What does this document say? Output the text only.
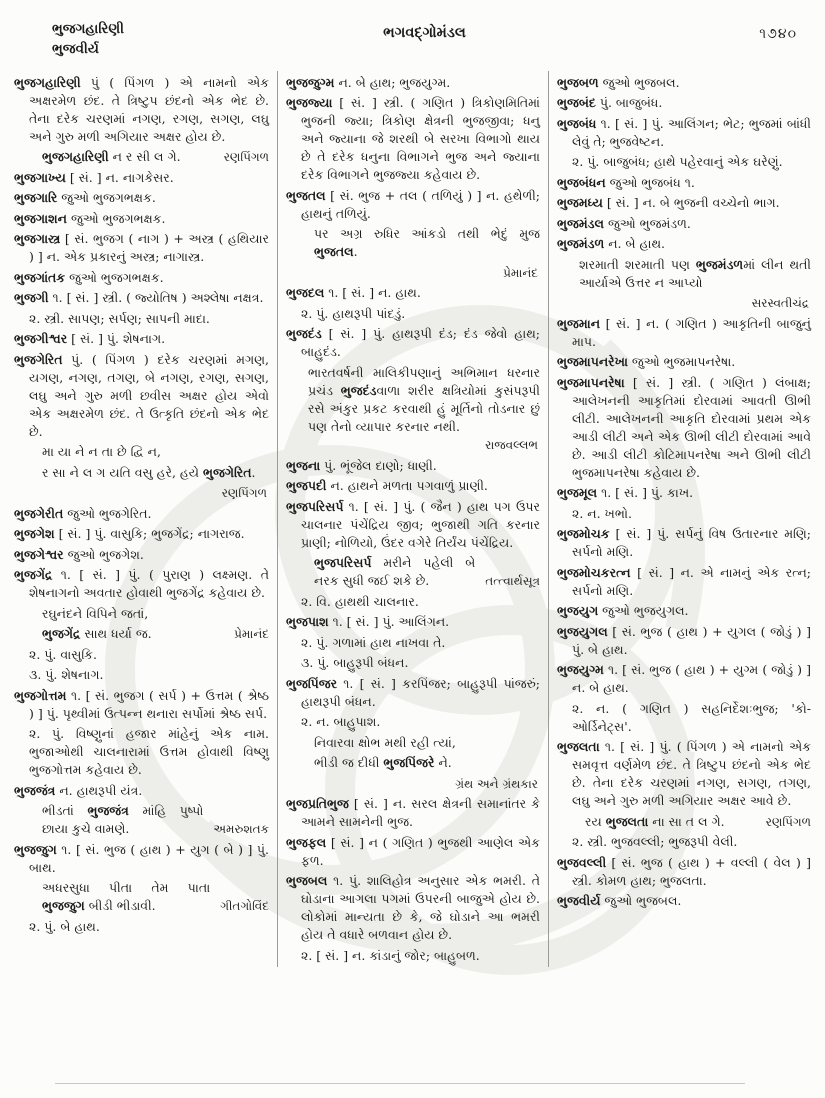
ભુજગહારિણી
ભુજવીર્ય
ભગવદ્ગોમંડલ	૧૭૪૦
ભુજગહારિણી પું ( પિંગળ ) એ નામનો એક અક્ષરમેળ છંદ. તે ત્રિષ્ટુપ છંદનો એક ભેદ છે. તેના દરેક ચરણમાં નગણ, રગણ, સગણ, લઘુ અને ગુરુ મળી અગિયાર અક્ષર હોય છે.
ભુજગહારિણી ન ર સી લ ગે.	રણપિંગળ
ભુજગાખ્ય [ સં. ] ન. નાગકેસર.
ભુજગારિ જુઓ ભુજગભક્ષક.
ભુજગાશન જુઓ ભુજગભક્ષક.
ભુજગાસ્ત્ર [ સં. ભુજગ ( નાગ ) + અસ્ત્ર ( હથિયાર ) ] ન. એક પ્રકારનું અસ્ત્ર; નાગાસ્ત્ર.
ભુજગાંતક જુઓ ભુજગભક્ષક.
ભુજગી ૧. [ સં. ] સ્ત્રી. ( જ્યોતિષ ) અશ્લેષા નક્ષત્ર.
૨. સ્ત્રી. સાપણ; સર્પણ; સાપની માદા.
ભુજગીશ્વર [ સં. ] પું. શેષનાગ.
ભુજગેરિત પું. ( પિંગળ ) દરેક ચરણમાં મગણ, યગણ, નગણ, તગણ, બે નગણ, રગણ, સગણ, લઘુ અને ગુરુ મળી છવીસ અક્ષર હોય એવો એક અક્ષરમેળ છંદ. તે ઉત્કૃતિ છંદનો એક ભેદ છે.
મા યા ને ન તા છે દ્વિ ન,
ર સા ને લ ગ યતિ વસુ હરે, હયે ભુજગેરિત.
રણપિંગળ
ભુજગેરીત જુઓ ભુજગેરિત.
ભુજગેશ [ સં. ] પું. વાસુકિ; ભુજગેંદ્ર; નાગરાજ.
ભુજગેશ્વર જુઓ ભુજગેશ.
ભુજગેંદ્ર ૧. [ સં. ] પું. ( પુરાણ ) લક્ષ્મણ. તે શેષનાગનો અવતાર હોવાથી ભુજગેંદ્ર કહેવાય છે.
રઘુનંદને વિપિને જતાં,
ભુજગેંદ્ર સાથ ધર્યા જ.	પ્રેમાનંદ
૨. પું. વાસુકિ.
૩. પું. શેષનાગ.
ભુજગોત્તમ ૧. [ સં. ભુજગ ( સર્પ ) + ઉત્તમ ( શ્રેષ્ઠ ) ] પું. પૃથ્વીમાં ઉત્પન્ન થનારા સર્પોમાં શ્રેષ્ઠ સર્પ.
૨. પું. વિષ્ણુનાં હજાર માંહેનું એક નામ. ભુજાઓથી ચાલનારામાં ઉત્તમ હોવાથી વિષ્ણુ ભુજગોત્તમ કહેવાય છે.
ભુજજંત્ર ન. હાથરૂપી યંત્ર.
ભીડતાં ભુજજંત્ર માંહિ પુષ્પો છાયા કુચે વામણે.	અમરુશતક
ભુજજુગ ૧. [ સં. ભુજ ( હાથ ) + યુગ ( બે ) ] પું. બાથ.
અધરસુધા પીતા તેમ પાતા ભુજજુગ બીડી ભીડાવી.	ગીતગોવિંદ
૨. પું. બે હાથ.
ભુજજુગ્મ ન. બે હાથ; ભુજયુગ્મ.
ભુજજ્યા [ સં. ] સ્ત્રી. ( ગણિત ) ત્રિકોણમિતિમાં ભુજની જ્યા; ત્રિકોણ ક્ષેત્રની ભુજજીવા; ધનુ અને જ્યાના જે શરથી બે સરખા વિભાગો થાય છે તે દરેક ધનુના વિભાગને ભુજ અને જ્યાના દરેક વિભાગને ભુજજ્યા કહેવાય છે.
ભુજતલ [ સં. ભુજ + તલ ( તળિયું ) ] ન. હથેળી; હાથનું તળિયું.
પર અગ્ર રુધિર આંકડો તથી ભેદું મુજ ભુજતલ.
પ્રેમાનંદ
ભુજદલ ૧. [ સં. ] ન. હાથ.
૨. પું. હાથરૂપી પાંદડું.
ભુજદંડ [ સં. ] પું. હાથરૂપી દંડ; દંડ જેવો હાથ; બાહુદંડ.
ભારતવર્ષની માલિકીપણાનું અભિમાન ધરનાર પ્રચંડ ભુજદંડવાળા શરીર ક્ષત્રિયોમાં કુસંપરૂપી રસે અંકુર પ્રકટ કરવાથી હું મૂર્તિનો તોડનાર છું પણ તેનો વ્યાપાર કરનાર નથી.
રાજવલ્લભ
ભુજના પું. ભૂંજેલ દાણો; ધાણી.
ભુજપદી ન. હાથને મળતા પગવાળું પ્રાણી.
ભુજપરિસર્પ ૧. [ સં. ] પું. ( જૈન ) હાથ પગ ઉપર ચાલનાર પંચેંદ્રિય જીવ; ભુજાથી ગતિ કરનાર પ્રાણી; નોળિયો, ઉંદર વગેરે તિર્યંચ પંચેંદ્રિય.
ભુજપરિસર્પ મરીને પહેલી બે નરક સુધી જઈ શકે છે.	તત્ત્વાર્થસૂત્ર
૨. વિ. હાથથી ચાલનાર.
ભુજપાશ ૧. [ સં. ] પું. આલિંગન.
૨. પું. ગળામાં હાથ નાખવા તે.
૩. પું. બાહુરૂપી બંધન.
ભુજપિંજર ૧. [ સં. ] કરપિંજર; બાહુરૂપી પાંજરું; હાથરૂપી બંધન.
૨. ન. બાહુપાશ.
નિવારવા ક્ષોભ મથી રહી ત્યાં,
ભીડી જ દીધી ભુજપિંજરે ને.
ગ્રંથ અને ગ્રંથકાર
ભુજપ્રતિભુજ [ સં. ] ન. સરલ ક્ષેત્રની સમાનાંતર કે આમને સામનેની ભુજ.
ભુજફલ [ સં. ] ન ( ગણિત ) ભુજથી આણેલ એક ફળ.
ભુજબલ ૧. પું. શાલિહોત્ર અનુસાર એક ભમરી. તે ઘોડાના આગલા પગમાં ઉપરની બાજુએ હોય છે. લોકોમાં માન્યતા છે કે, જે ઘોડાને આ ભમરી હોય તે વધારે બળવાન હોય છે.
૨. [ સં. ] ન. કાંડાનું જોર; બાહુબળ.
ભુજબળ જુઓ ભુજબલ.
ભુજબંદ પું. બાજુબંધ.
ભુજબંધ ૧. [ સં. ] પું. આલિંગન; ભેટ; ભુજમાં બાંધી લેવું તે; ભુજવેષ્ટન.
૨. પું. બાજુબંધ; હાથે પહેરવાનું એક ઘરેણું.
ભુજબંધન જુઓ ભુજબંધ ૧.
ભુજમધ્ય [ સં. ] ન. બે ભુજની વચ્ચેનો ભાગ.
ભુજમંડલ જુઓ ભુજમંડળ.
ભુજમંડળ ન. બે હાથ.
શરમાતી શરમાતી પણ ભુજમંડળમાં લીન થતી આર્યાએ ઉત્તર ન આપ્યો
સરસ્વતીચંદ્ર
ભુજમાન [ સં. ] ન. ( ગણિત ) આકૃતિની બાજુનું માપ.
ભુજમાપનરેખા જુઓ ભુજમાપનરેષા.
ભુજમાપનરેષા [ સં. ] સ્ત્રી. ( ગણિત ) લંબાક્ષ; આલેખનની આકૃતિમાં દોરવામાં આવતી ઊભી લીટી. આલેખનની આકૃતિ દોરવામાં પ્રથમ એક આડી લીટી અને એક ઊભી લીટી દોરવામાં આવે છે. આડી લીટી કોટિમાપનરેષા અને ઊભી લીટી ભુજમાપનરેષા કહેવાય છે.
ભુજમૂલ ૧. [ સં. ] પું. કાખ.
૨. ન. ખભો.
ભુજમોચક [ સં. ] પું. સર્પનું વિષ ઉતારનાર મણિ; સર્પનો મણિ.
ભુજમોચકરત્ન [ સં. ] ન. એ નામનું એક રત્ન; સર્પનો મણિ.
ભુજયુગ જુઓ ભુજયુગલ.
ભુજયુગલ [ સં. ભુજ ( હાથ ) + યુગલ ( જોડું ) ] પું. બે હાથ.
ભુજયુગ્મ ૧. [ સં. ભુજ ( હાથ ) + યુગ્મ ( જોડું ) ] ન. બે હાથ.
૨. ન. ( ગણિત ) સહનિર્દેશઃભુજ; 'કો-ઓર્ડિનેટ્સ'.
ભુજલતા ૧. [ સં. ] પું. ( પિંગળ ) એ નામનો એક સમવૃત્ત વર્ણમેળ છંદ. તે ત્રિષ્ટુપ છંદનો એક ભેદ છે. તેના દરેક ચરણમાં નગણ, સગણ, તગણ, લઘુ અને ગુરુ મળી અગિયાર અક્ષર આવે છે.
રય ભુજલતા ના સા ત લ ગે.	રણપિંગળ
૨. સ્ત્રી. ભુજવલ્લી; ભુજરૂપી વેલી.
ભુજવલ્લી [ સં. ભુજ ( હાથ ) + વલ્લી ( વેલ ) ] સ્ત્રી. કોમળ હાથ; ભુજલતા.
ભુજવીર્ય જુઓ ભુજબલ.
